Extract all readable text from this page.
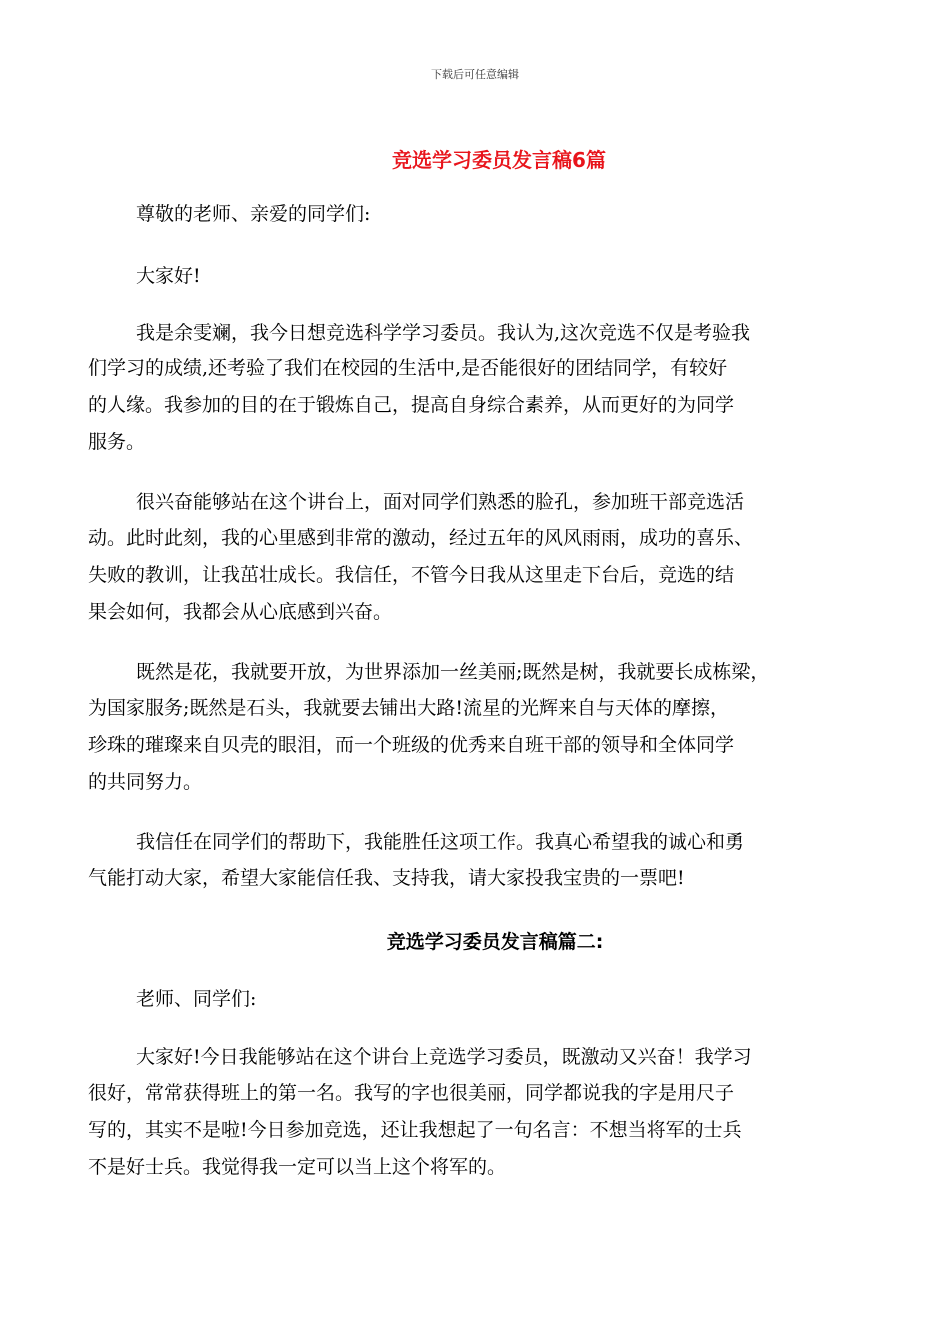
下载后可任意编辑
竞选学习委员发言稿6篇
尊敬的老师、亲爱的同学们:
大家好!
我是余雯斓，我今日想竞选科学学习委员。我认为,这次竞选不仅是考验我
们学习的成绩,还考验了我们在校园的生活中,是否能很好的团结同学，有较好
的人缘。我参加的目的在于锻炼自己，提高自身综合素养，从而更好的为同学
服务。
很兴奋能够站在这个讲台上，面对同学们熟悉的脸孔，参加班干部竞选活
动。此时此刻，我的心里感到非常的激动，经过五年的风风雨雨，成功的喜乐、
失败的教训，让我茁壮成长。我信任，不管今日我从这里走下台后，竞选的结
果会如何，我都会从心底感到兴奋。
既然是花，我就要开放，为世界添加一丝美丽;既然是树，我就要长成栋梁，
为国家服务;既然是石头，我就要去铺出大路!流星的光辉来自与天体的摩擦，
珍珠的璀璨来自贝壳的眼泪，而一个班级的优秀来自班干部的领导和全体同学
的共同努力。
我信任在同学们的帮助下，我能胜任这项工作。我真心希望我的诚心和勇
气能打动大家，希望大家能信任我、支持我，请大家投我宝贵的一票吧!
竞选学习委员发言稿篇二:
老师、同学们:
大家好!今日我能够站在这个讲台上竞选学习委员，既激动又兴奋！我学习
很好，常常获得班上的第一名。我写的字也很美丽，同学都说我的字是用尺子
写的，其实不是啦!今日参加竞选，还让我想起了一句名言：不想当将军的士兵
不是好士兵。我觉得我一定可以当上这个将军的。
